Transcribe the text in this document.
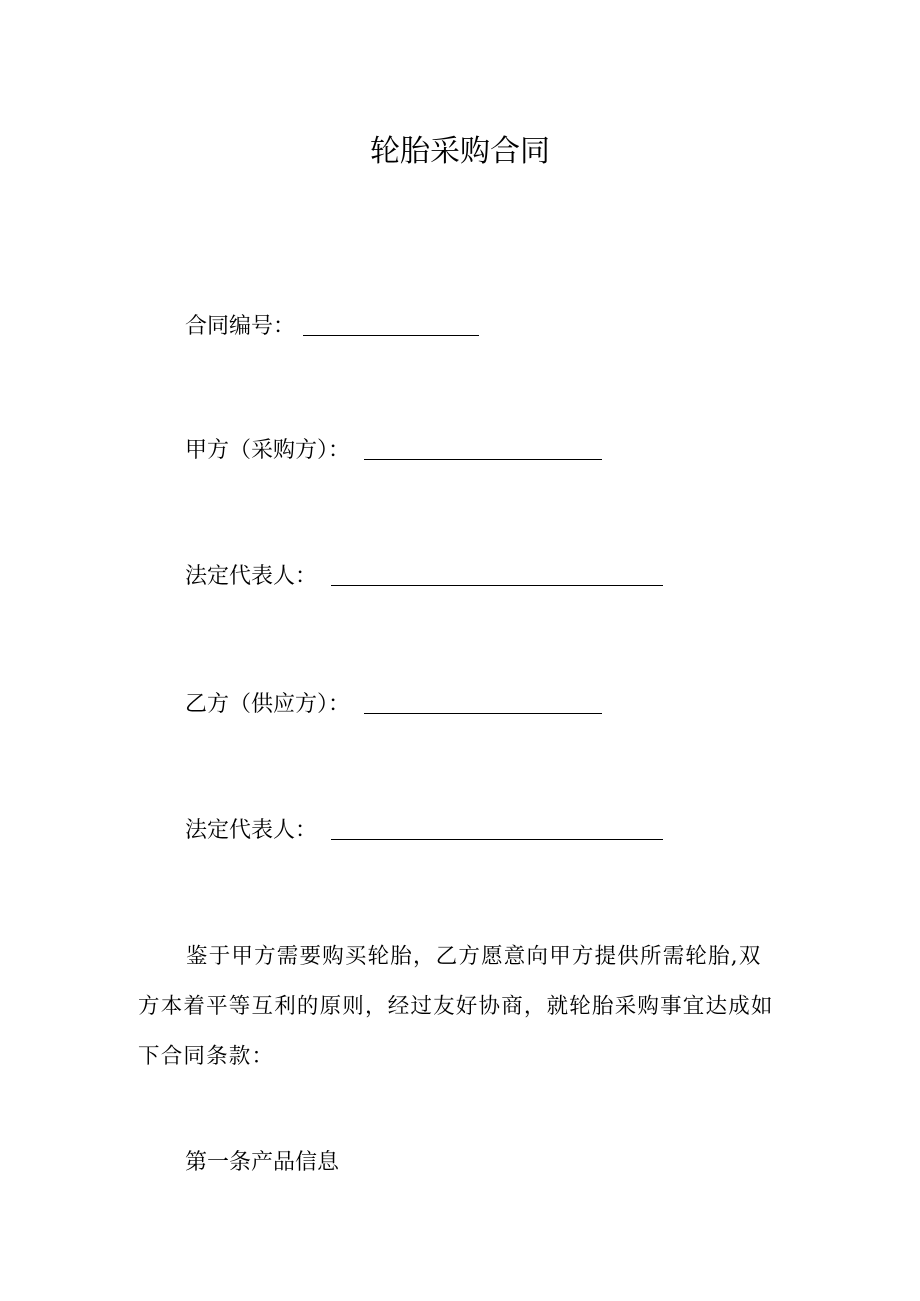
轮胎采购合同
合同编号：
甲方（采购方）：
法定代表人：
乙方（供应方）：
法定代表人：
鉴于甲方需要购买轮胎，乙方愿意向甲方提供所需轮胎,双
方本着平等互利的原则，经过友好协商，就轮胎采购事宜达成如
下合同条款：
第一条产品信息
